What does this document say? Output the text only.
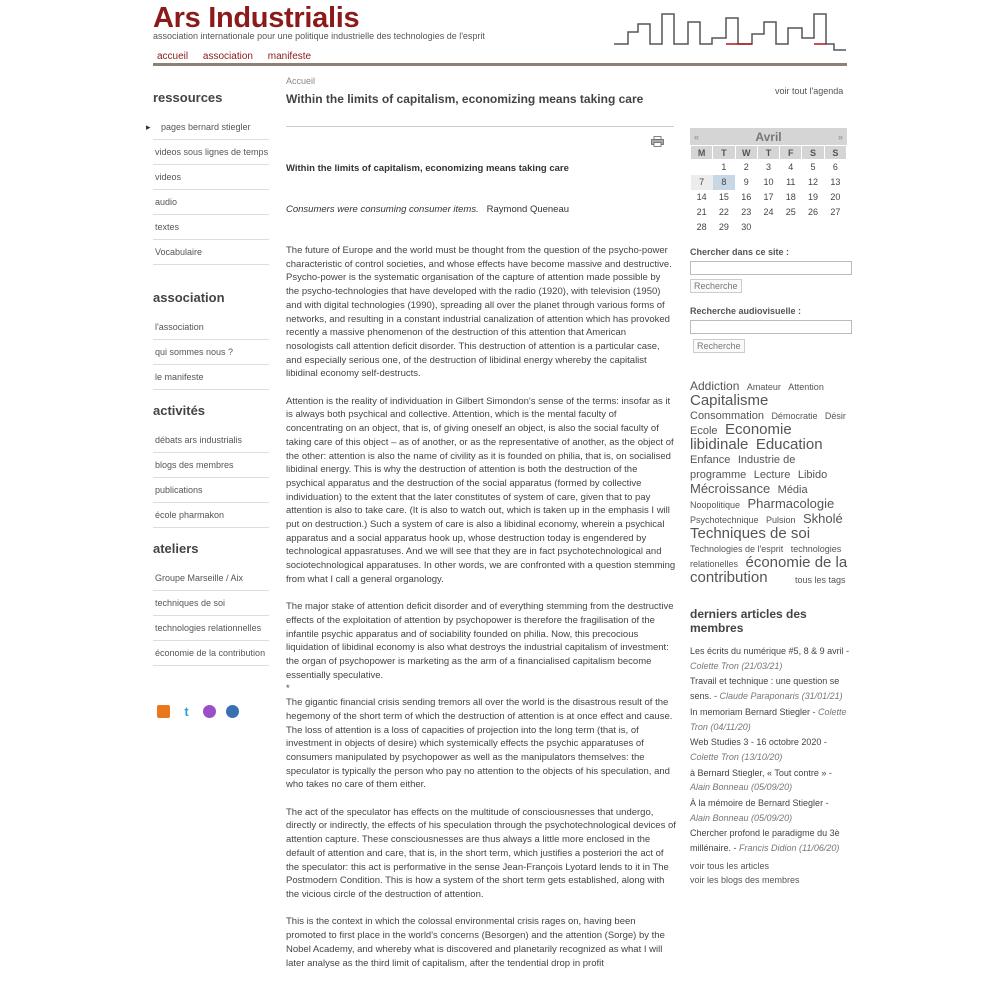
Ars Industrialis
association internationale pour une politique industrielle des technologies de l'esprit
accueil association manifeste
ressources
▸ pages bernard stiegler
videos sous lignes de temps
videos
audio
textes
Vocabulaire
association
l'association
qui sommes nous ?
le manifeste
activités
débats ars industrialis
blogs des membres
publications
école pharmakon
ateliers
Groupe Marseille / Aix
techniques de soi
technologies relationnelles
économie de la contribution
t
Accueil
Within the limits of capitalism, economizing means taking care
Within the limits of capitalism, economizing means taking care
Consumers were consuming consumer items. Raymond Queneau

The future of Europe and the world must be thought from the question of the psycho-power characteristic of control societies, and whose effects have become massive and destructive. Psycho-power is the systematic organisation of the capture of attention made possible by the psycho-technologies that have developed with the radio (1920), with television (1950) and with digital technologies (1990), spreading all over the planet through various forms of networks, and resulting in a constant industrial canalization of attention which has provoked recently a massive phenomenon of the destruction of this attention that American nosologists call attention deficit disorder. This destruction of attention is a particular case, and especially serious one, of the destruction of libidinal energy whereby the capitalist libidinal economy self-destructs.

Attention is the reality of individuation in Gilbert Simondon's sense of the terms: insofar as it is always both psychical and collective. Attention, which is the mental faculty of concentrating on an object, that is, of giving oneself an object, is also the social faculty of taking care of this object – as of another, or as the representative of another, as the object of the other: attention is also the name of civility as it is founded on philia, that is, on socialised libidinal energy. This is why the destruction of attention is both the destruction of the psychical apparatus and the destruction of the social apparatus (formed by collective individuation) to the extent that the later constitutes of system of care, given that to pay attention is also to take care. (It is also to watch out, which is taken up in the emphasis I will put on destruction.) Such a system of care is also a libidinal economy, wherein a psychical apparatus and a social apparatus hook up, whose destruction today is engendered by technological appasratuses. And we will see that they are in fact psychotechnological and sociotechnological apparatuses. In other words, we are confronted with a question stemming from what I call a general organology.

The major stake of attention deficit disorder and of everything stemming from the destructive effects of the exploitation of attention by psychopower is therefore the fragilisation of the infantile psychic apparatus and of sociability founded on philia. Now, this precocious liquidation of libidinal economy is also what destroys the industrial capitalism of investment: the organ of psychopower is marketing as the arm of a financialised capitalism become essentially speculative.
*
The gigantic financial crisis sending tremors all over the world is the disastrous result of the hegemony of the short term of which the destruction of attention is at once effect and cause. The loss of attention is a loss of capacities of projection into the long term (that is, of investment in objects of desire) which systemically effects the psychic apparatuses of consumers manipulated by psychopower as well as the manipulators themselves: the speculator is typically the person who pay no attention to the objects of his speculation, and who takes no care of them either.

The act of the speculator has effects on the multitude of consciousnesses that undergo, directly or indirectly, the effects of his speculation through the psychotechnological devices of attention capture. These consciousnesses are thus always a little more enclosed in the default of attention and care, that is, in the short term, which justifies a posteriori the act of the speculator: this act is performative in the sense Jean-François Lyotard lends to it in The Postmodern Condition. This is how a system of the short term gets established, along with the vicious circle of the destruction of attention.

This is the context in which the colossal environmental crisis rages on, having been promoted to first place in the world's concerns (Besorgen) and the attention (Sorge) by the Nobel Academy, and whereby what is discovered and planetarily recognized as what I will later analyse as the third limit of capitalism, after the tendential drop in profit

voir tout l'agenda
«	Avril	»
M	T	W	T	F	S	S
	1	2	3	4	5	6
7	8	9	10	11	12	13
14	15	16	17	18	19	20
21	22	23	24	25	26	27
28	29	30				
Chercher dans ce site :
Recherche
Recherche audiovisuelle :
Recherche
Addiction Amateur Attention Capitalisme Consommation Démocratie Désir Ecole Economie libidinale Education Enfance Industrie de programme Lecture Libido Mécroissance Média Noopolitique Pharmacologie Psychotechnique Pulsion Skholé Techniques de soi Technologies de l'esprit technologies relationelles économie de la contribution	tous les tags
derniers articles des membres
Les écrits du numérique #5, 8 & 9 avril - Colette Tron (21/03/21)
Travail et technique : une question se sens. - Claude Paraponaris (31/01/21)
In memoriam Bernard Stiegler - Colette Tron (04/11/20)
Web Studies 3 - 16 octobre 2020 - Colette Tron (13/10/20)
à Bernard Stiegler, « Tout contre » - Alain Bonneau (05/09/20)
À la mémoire de Bernard Stiegler - Alain Bonneau (05/09/20)
Chercher profond le paradigme du 3è millénaire. - Francis Didion (11/06/20)
voir tous les articles
voir les blogs des membres
